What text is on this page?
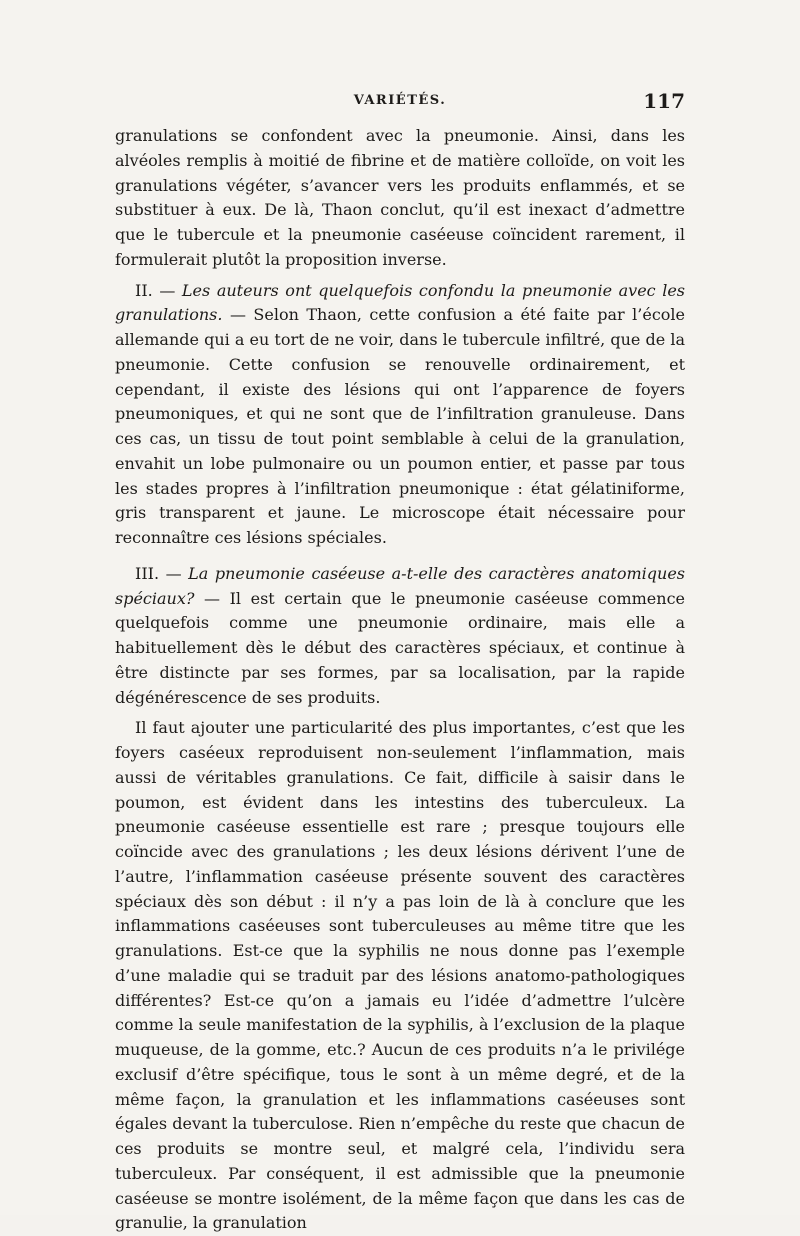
VARIÉTÉS.	117

granulations se confondent avec la pneumonie. Ainsi, dans les alvéoles remplis à moitié de fibrine et de matière colloïde, on voit les granulations végéter, s’avancer vers les produits enflammés, et se substituer à eux. De là, Thaon conclut, qu’il est inexact d’admettre que le tubercule et la pneumonie caséeuse coïncident rarement, il formulerait plutôt la proposition inverse.

II. — Les auteurs ont quelquefois confondu la pneumonie avec les granulations. — Selon Thaon, cette confusion a été faite par l’école allemande qui a eu tort de ne voir, dans le tubercule infiltré, que de la pneumonie. Cette confusion se renouvelle ordinairement, et cependant, il existe des lésions qui ont l’apparence de foyers pneumoniques, et qui ne sont que de l’infiltration granuleuse. Dans ces cas, un tissu de tout point semblable à celui de la granulation, envahit un lobe pulmonaire ou un poumon entier, et passe par tous les stades propres à l’infiltration pneumonique : état gélatiniforme, gris transparent et jaune. Le microscope était nécessaire pour reconnaître ces lésions spéciales.

III. — La pneumonie caséeuse a-t-elle des caractères anatomiques spéciaux? — Il est certain que le pneumonie caséeuse commence quelquefois comme une pneumonie ordinaire, mais elle a habituellement dès le début des caractères spéciaux, et continue à être distincte par ses formes, par sa localisation, par la rapide dégénérescence de ses produits.

Il faut ajouter une particularité des plus importantes, c’est que les foyers caséeux reproduisent non-seulement l’inflammation, mais aussi de véritables granulations. Ce fait, difficile à saisir dans le poumon, est évident dans les intestins des tuberculeux. La pneumonie caséeuse essentielle est rare ; presque toujours elle coïncide avec des granulations ; les deux lésions dérivent l’une de l’autre, l’inflammation caséeuse présente souvent des caractères spéciaux dès son début : il n’y a pas loin de là à conclure que les inflammations caséeuses sont tuberculeuses au même titre que les granulations. Est-ce que la syphilis ne nous donne pas l’exemple d’une maladie qui se traduit par des lésions anatomo-pathologiques différentes? Est-ce qu’on a jamais eu l’idée d’admettre l’ulcère comme la seule manifestation de la syphilis, à l’exclusion de la plaque muqueuse, de la gomme, etc.? Aucun de ces produits n’a le privilége exclusif d’être spécifique, tous le sont à un même degré, et de la même façon, la granulation et les inflammations caséeuses sont égales devant la tuberculose. Rien n’empêche du reste que chacun de ces produits se montre seul, et malgré cela, l’individu sera tuberculeux. Par conséquent, il est admissible que la pneumonie caséeuse se montre isolément, de la même façon que dans les cas de granulie, la granulation
